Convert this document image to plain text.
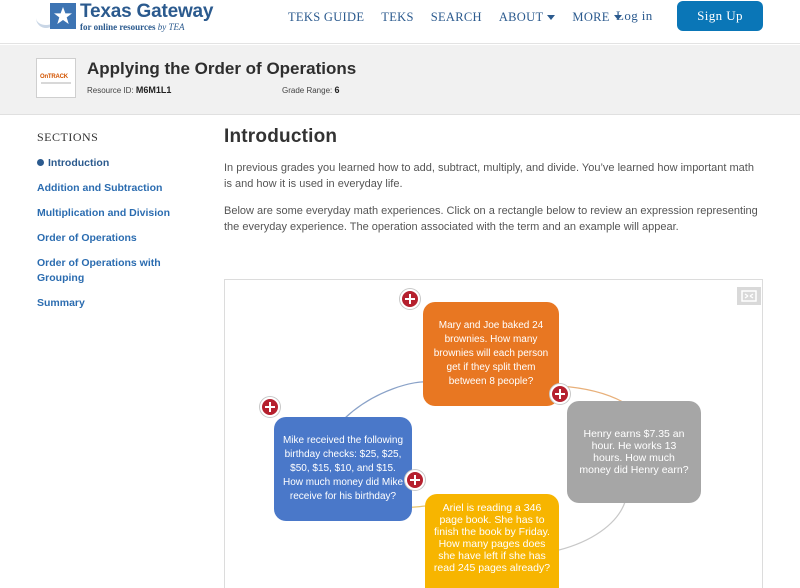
Texas Gateway
for online resources by TEA
TEKS GUIDE TEKS SEARCH ABOUT MORE Log in	Sign Up
OnTRACK Applying the Order of Operations
Resource ID: M6M1L1	Grade Range: 6
SECTIONS
Introduction
Addition and Subtraction
Multiplication and Division
Order of Operations
Order of Operations with Grouping
Summary
Introduction

In previous grades you learned how to add, subtract, multiply, and divide. You’ve learned how important math is and how it is used in everyday life.

Below are some everyday math experiences. Click on a rectangle below to review an expression representing the everyday experience. The operation associated with the term and an example will appear.

Mary and Joe baked 24 brownies. How many brownies will each person get if they split them between 8 people?
Mike received the following birthday checks: $25, $25, $50, $15, $10, and $15. How much money did Mike receive for his birthday?
Henry earns $7.35 an hour. He works 13 hours. How much money did Henry earn?
Ariel is reading a 346 page book. She has to finish the book by Friday. How many pages does she have left if she has read 245 pages already?
